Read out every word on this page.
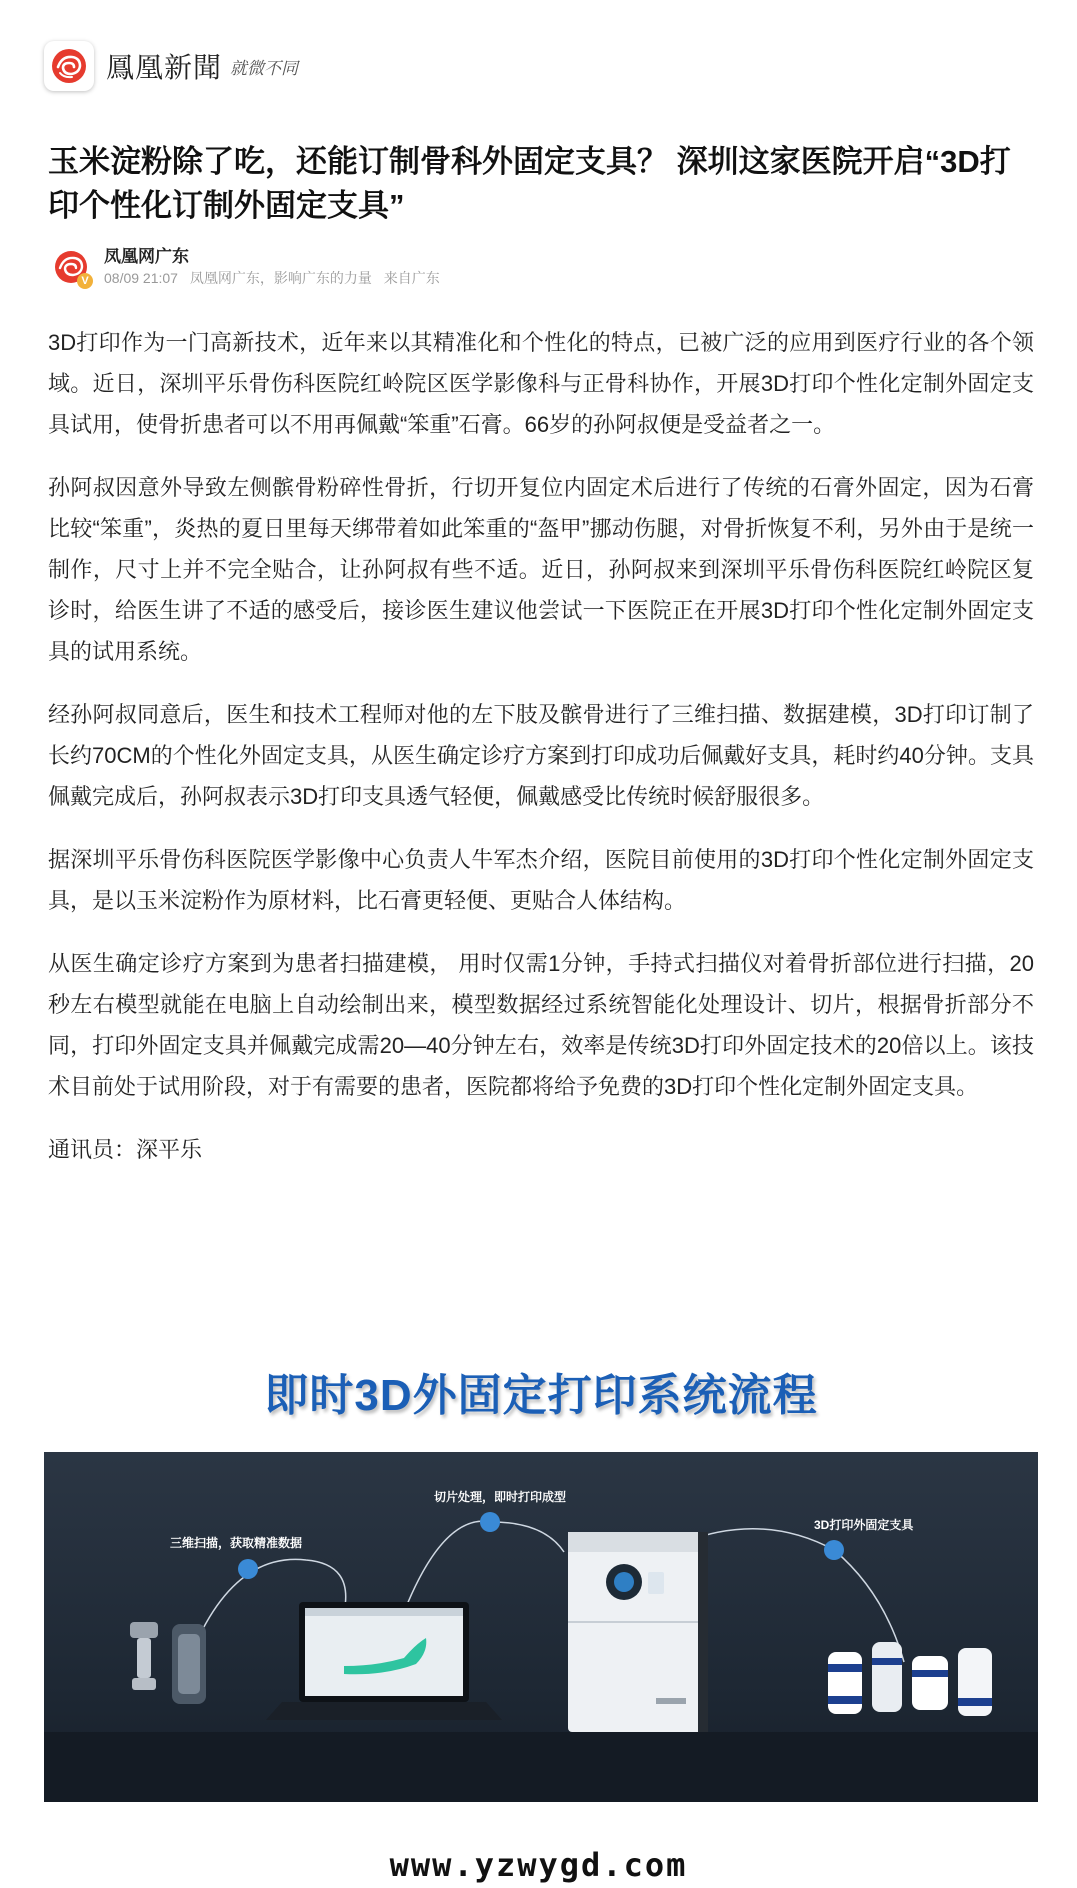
鳳凰新聞 就微不同
玉米淀粉除了吃，还能订制骨科外固定支具？ 深圳这家医院开启“3D打印个性化订制外固定支具”
V
凤凰网广东
08/09 21:07 凤凰网广东，影响广东的力量 来自广东

3D打印作为一门高新技术，近年来以其精准化和个性化的特点，已被广泛的应用到医疗行业的各个领域。近日，深圳平乐骨伤科医院红岭院区医学影像科与正骨科协作，开展3D打印个性化定制外固定支具试用，使骨折患者可以不用再佩戴“笨重”石膏。66岁的孙阿叔便是受益者之一。

孙阿叔因意外导致左侧髌骨粉碎性骨折，行切开复位内固定术后进行了传统的石膏外固定，因为石膏比较“笨重”，炎热的夏日里每天绑带着如此笨重的“盔甲”挪动伤腿，对骨折恢复不利，另外由于是统一制作，尺寸上并不完全贴合，让孙阿叔有些不适。近日，孙阿叔来到深圳平乐骨伤科医院红岭院区复诊时，给医生讲了不适的感受后，接诊医生建议他尝试一下医院正在开展3D打印个性化定制外固定支具的试用系统。

经孙阿叔同意后，医生和技术工程师对他的左下肢及髌骨进行了三维扫描、数据建模，3D打印订制了长约70CM的个性化外固定支具，从医生确定诊疗方案到打印成功后佩戴好支具，耗时约40分钟。支具佩戴完成后，孙阿叔表示3D打印支具透气轻便，佩戴感受比传统时候舒服很多。

据深圳平乐骨伤科医院医学影像中心负责人牛军杰介绍，医院目前使用的3D打印个性化定制外固定支具，是以玉米淀粉作为原材料，比石膏更轻便、更贴合人体结构。

从医生确定诊疗方案到为患者扫描建模， 用时仅需1分钟，手持式扫描仪对着骨折部位进行扫描，20秒左右模型就能在电脑上自动绘制出来，模型数据经过系统智能化处理设计、切片，根据骨折部分不同，打印外固定支具并佩戴完成需20—40分钟左右，效率是传统3D打印外固定技术的20倍以上。该技术目前处于试用阶段，对于有需要的患者，医院都将给予免费的3D打印个性化定制外固定支具。

通讯员：深平乐

即时3D外固定打印系统流程
三维扫描，获取精准数据
切片处理，即时打印成型
3D打印外固定支具
www.yzwygd.com
